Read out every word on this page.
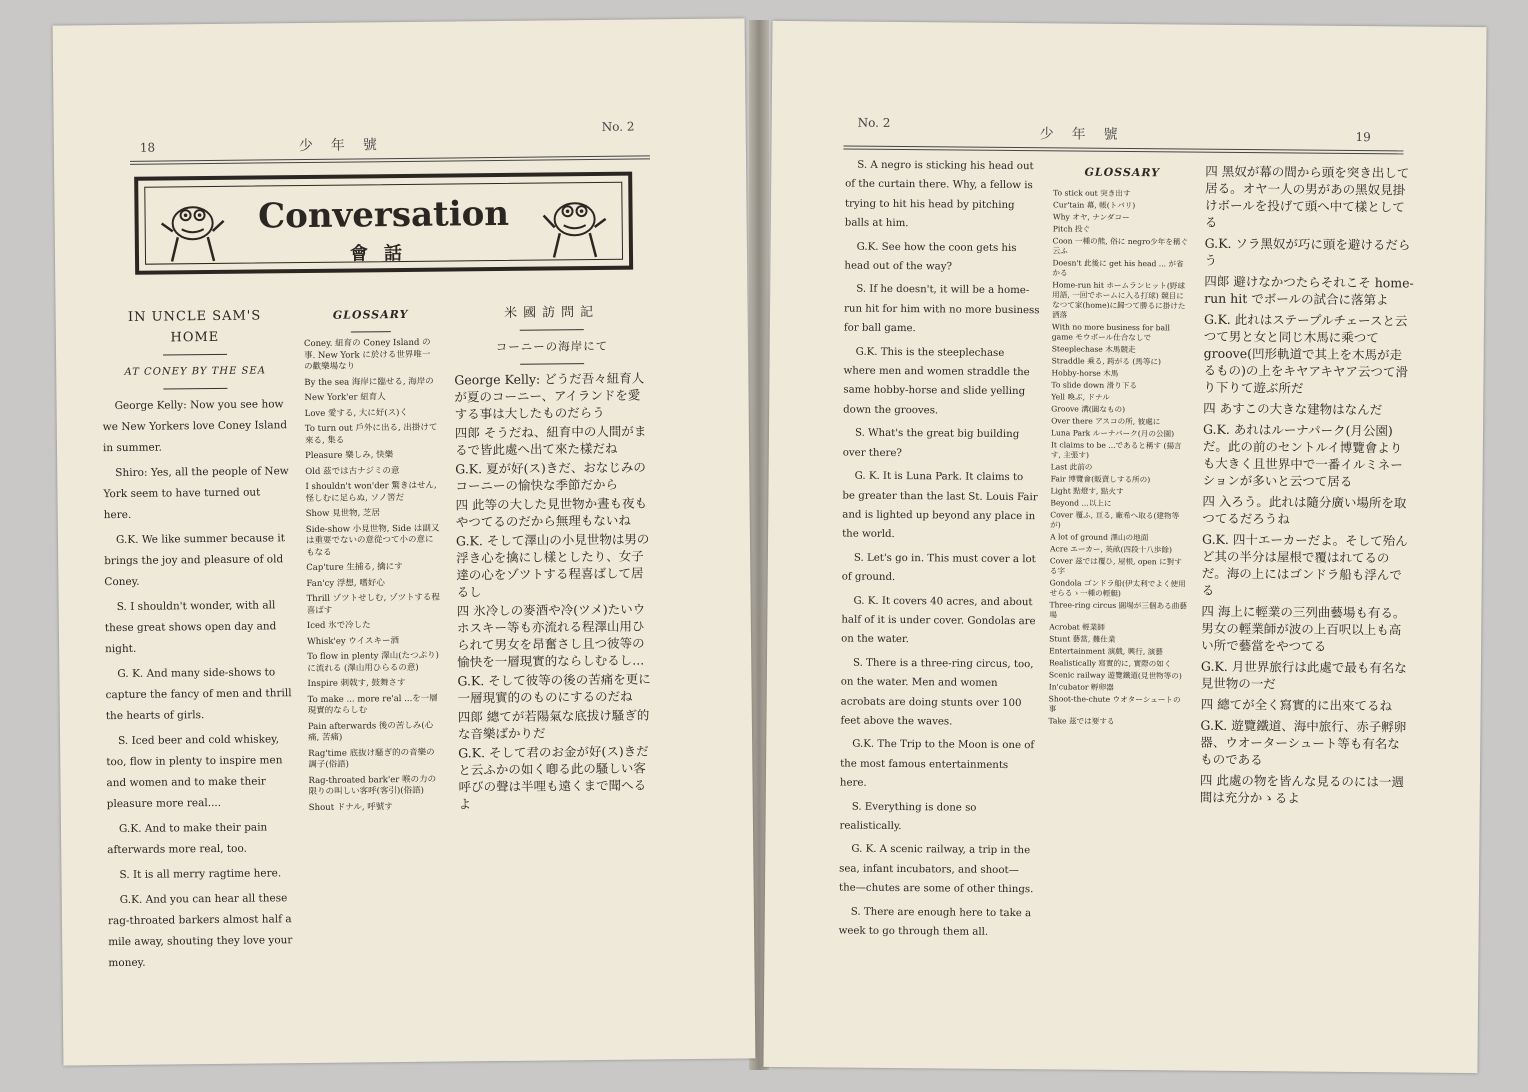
18	少　年　號
No. 2
Conversation
會話
IN UNCLE SAM'S HOME
AT CONEY BY THE SEA

George Kelly: Now you see how we New Yorkers love Coney Island in summer.

Shiro: Yes, all the people of New York seem to have turned out here.

G.K. We like summer because it brings the joy and pleasure of old Coney.

S. I shouldn't wonder, with all these great shows open day and night.

G. K. And many side-shows to capture the fancy of men and thrill the hearts of girls.

S. Iced beer and cold whiskey, too, flow in plenty to inspire men and women and to make their pleasure more real....

G.K. And to make their pain afterwards more real, too.

S. It is all merry ragtime here.

G.K. And you can hear all these rag-throated barkers almost half a mile away, shouting they love your money.

GLOSSARY
Coney. 紐育の Coney Island の事. New York に於ける世界唯一の歡樂場なり
By the sea 海岸に臨せる, 海岸の
New York'er 紐育人
Love 愛する, 大に好(ス)く
To turn out 戶外に出る, 出掛けて來る, 集る
Pleasure 樂しみ, 快樂
Old 茲では古ナジミの意
I shouldn't won'der 驚きはせん, 怪しむに足らぬ, ソノ筈だ
Show 見世物, 芝居
Side-show 小見世物, Side は副又は重要でないの意從つて小の意にもなる
Cap'ture 生捕る, 擒にす
Fan'cy 浮想, 嗜好心
Thrill ゾツトせしむ, ゾツトする程喜ばす
Iced 氷で冷した
Whisk'ey ウイスキー酒
To flow in plenty 澤山(たつぷり)に流れる (澤山用ひらるの意)
Inspire 刺戟す, 鼓舞さす
To make ... more re'al ...を一層現實的ならしむ
Pain afterwards 後の苦しみ(心痛, 苦痛)
Rag'time 底抜け騷ぎ的の音樂の調子(俗語)
Rag-throated bark'er 喉の力の限りの叫しい客呼(客引)(俗語)
Shout ドナル, 呼號す
米國訪問記
コーニーの海岸にて
George Kelly: どうだ吾々紐育人が夏のコーニー、アイランドを愛する事は大したものだらう
四郞 そうだね、紐育中の人間がまるで皆此處へ出て來た樣だね
G.K. 夏が好(ス)きだ、おなじみのコーニーの愉快な季節だから
四 此等の大した見世物か晝も夜もやつてるのだから無理もないね
G.K. そして澤山の小見世物は男の浮き心を擒にし樣としたり、女子達の心をゾツトする程喜ばして居るし
四 氷冷しの麥酒や冷(ツメ)たいウホスキー等も亦流れる程澤山用ひられて男女を昂奮さし且つ彼等の愉快を一層現實的ならしむるし...
G.K. そして彼等の後の苦痛を更に一層現實的のものにするのだね
四郞 總てが若陽氣な底拔け騷ぎ的な音樂ばかりだ
G.K. そして君のお金が好(ス)きだと云ふかの如く喞る此の騷しい客呼びの聲は半哩も遠くまで聞へるよ
No. 2
少　年　號	19

S. A negro is sticking his head out of the curtain there. Why, a fellow is trying to hit his head by pitching balls at him.

G.K. See how the coon gets his head out of the way?

S. If he doesn't, it will be a home-run hit for him with no more business for ball game.

G.K. This is the steeplechase where men and women straddle the same hobby-horse and slide yelling down the grooves.

S. What's the great big building over there?

G. K. It is Luna Park. It claims to be greater than the last St. Louis Fair and is lighted up beyond any place in the world.

S. Let's go in. This must cover a lot of ground.

G. K. It covers 40 acres, and about half of it is under cover. Gondolas are on the water.

S. There is a three-ring circus, too, on the water. Men and women acrobats are doing stunts over 100 feet above the waves.

G.K. The Trip to the Moon is one of the most famous entertainments here.

S. Everything is done so realistically.

G. K. A scenic railway, a trip in the sea, infant incubators, and shoot—the—chutes are some of other things.

S. There are enough here to take a week to go through them all.

GLOSSARY
To stick out 突き出す
Cur'tain 幕, 帳(トバリ)
Why オヤ, ナンダコー
Pitch 投ぐ
Coon 一種の熊, 俗に negro少年を稱ぐ云ふ
Doesn't 此後に get his head ... が省かる
Home-run hit ホームランヒット(野球用語, 一回でホームに入る打球) 競目になつて家(home)に歸つて勝るに掛けた洒落
With no more business for ball game モウボール仕合なしで
Steeplechase 木馬競走
Straddle 乘る, 跨がる (馬等に)
Hobby-horse 木馬
To slide down 滑り下る
Yell 喚ぶ, ドナル
Groove 溝(圓なもの)
Over there アスコの所, 彼處に
Luna Park ルーナパーク(月の公園)
It claims to be ...であると稱す (揚言す, 主張す)
Last 此前の
Fair 博覽會(販賣しする所の)
Light 點燈す, 點火す
Beyond ...以上に
Cover 覆ふ, 亘る, 廠希へ取る(建物等が)
A lot of ground 澤山の地面
Acre エーカー, 英畝(四段十八歩餘)
Cover 茲では覆ひ, 屋根, open に對する字
Gondola ゴンドラ船(伊太利でよく使用せらるゝ一種の輕艇)
Three-ring circus 圓場が三個ある曲藝場
Acrobat 輕業師
Stunt 藝當, 難仕業
Entertainment 演戲, 興行, 演藝
Realistically 寫實的に, 實際の如く
Scenic railway 遊覽鐵道(見世物等の)
In'cubator 孵卵器
Shoot-the-chute ウオターシュートの事
Take 茲では要する
四 黑奴が幕の間から頭を突き出して居る。オヤ一人の男があの黑奴見掛けボールを投げて頭へ中て樣としてる
G.K. ソラ黑奴が巧に頭を避けるだらう
四郞 避けなかつたらそれこそ home-run hit でボールの試合に落第よ
G.K. 此れはステープルチェースと云つて男と女と同じ木馬に乘つて groove(凹形軌道で其上を木馬が走るもの)の上をキヤアキヤア云つて滑り下りて遊ぶ所だ
四 あすこの大きな建物はなんだ
G.K. あれはルーナパーク(月公園)だ。此の前のセントルイ博覽會よりも大きく且世界中で一番イルミネーションが多いと云つて居る
四 入ろう。此れは隨分廣い場所を取つてるだろうね
G.K. 四十エーカーだよ。そして殆んど其の半分は屋根で覆はれてるのだ。海の上にはゴンドラ船も浮んでる
四 海上に輕業の三列曲藝場も有る。男女の輕業師が波の上百呎以上も高い所で藝當をやつてる
G.K. 月世界旅行は此處で最も有名な見世物の一だ
四 總てが全く寫實的に出來てるね
G.K. 遊覽鐵道、海中旅行、赤子孵卵器、ウオーターシュート等も有名なものである
四 此處の物を皆んな見るのには一週間は充分かゝるよ
